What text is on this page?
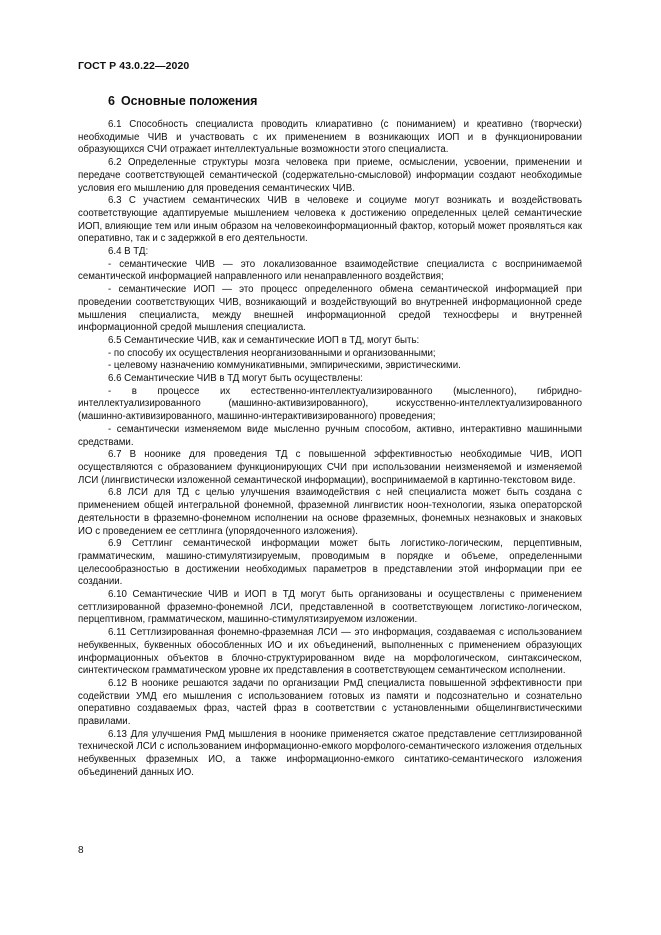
ГОСТ Р 43.0.22—2020
6 Основные положения

6.1 Способность специалиста проводить клиаративно (с пониманием) и креативно (творчески) необходимые ЧИВ и участвовать с их применением в возникающих ИОП и в функционировании образующихся СЧИ отражает интеллектуальные возможности этого специалиста.

6.2 Определенные структуры мозга человека при приеме, осмыслении, усвоении, применении и передаче соответствующей семантической (содержательно-смысловой) информации создают необходимые условия его мышлению для проведения семантических ЧИВ.

6.3 С участием семантических ЧИВ в человеке и социуме могут возникать и воздействовать соответствующие адаптируемые мышлением человека к достижению определенных целей семантические ИОП, влияющие тем или иным образом на человекоинформационный фактор, который может проявляться как оперативно, так и с задержкой в его деятельности.

6.4 В ТД:

- семантические ЧИВ — это локализованное взаимодействие специалиста с воспринимаемой семантической информацией направленного или ненаправленного воздействия;

- семантические ИОП — это процесс определенного обмена семантической информацией при проведении соответствующих ЧИВ, возникающий и воздействующий во внутренней информационной среде мышления специалиста, между внешней информационной средой техносферы и внутренней информационной средой мышления специалиста.

6.5 Семантические ЧИВ, как и семантические ИОП в ТД, могут быть:

- по способу их осуществления неорганизованными и организованными;

- целевому назначению коммуникативными, эмпирическими, эвристическими.

6.6 Семантические ЧИВ в ТД могут быть осуществлены:

- в процессе их естественно-интеллектуализированного (мысленного), гибридно-интеллектуализированного (машинно-активизированного), искусственно-интеллектуализированного (машинно-активизированного, машинно-интерактивизированного) проведения;

- семантически изменяемом виде мысленно ручным способом, активно, интерактивно машинными средствами.

6.7 В ноонике для проведения ТД с повышенной эффективностью необходимые ЧИВ, ИОП осуществляются с образованием функционирующих СЧИ при использовании неизменяемой и изменяемой ЛСИ (лингвистически изложенной семантической информации), воспринимаемой в картинно-текстовом виде.

6.8 ЛСИ для ТД с целью улучшения взаимодействия с ней специалиста может быть создана с применением общей интегральной фонемной, фраземной лингвистик ноон-технологии, языка операторской деятельности в фраземно-фонемном исполнении на основе фраземных, фонемных незнаковых и знаковых ИО с проведением ее сеттлинга (упорядоченного изложения).

6.9 Сеттлинг семантической информации может быть логистико-логическим, перцептивным, грамматическим, машино-стимулятизируемым, проводимым в порядке и объеме, определенными целесообразностью в достижении необходимых параметров в представлении этой информации при ее создании.

6.10 Семантические ЧИВ и ИОП в ТД могут быть организованы и осуществлены с применением сеттлизированной фраземно-фонемной ЛСИ, представленной в соответствующем логистико-логическом, перцептивном, грамматическом, машинно-стимулятизируемом изложении.

6.11 Сеттлизированная фонемно-фраземная ЛСИ — это информация, создаваемая с использованием небуквенных, буквенных обособленных ИО и их объединений, выполненных с применением образующих информационных объектов в блочно-структурированном виде на морфологическом, синтаксическом, синтектическом грамматическом уровне их представления в соответствующем семантическом исполнении.

6.12 В ноонике решаются задачи по организации РмД специалиста повышенной эффективности при содействии УМД его мышления с использованием готовых из памяти и подсознательно и сознательно оперативно создаваемых фраз, частей фраз в соответствии с установленными общелингвистическими правилами.

6.13 Для улучшения РмД мышления в ноонике применяется сжатое представление сеттлизированной технической ЛСИ с использованием информационно-емкого морфолого-семантического изложения отдельных небуквенных фраземных ИО, а также информационно-емкого синтатико-семантического изложения объединений данных ИО.

8
